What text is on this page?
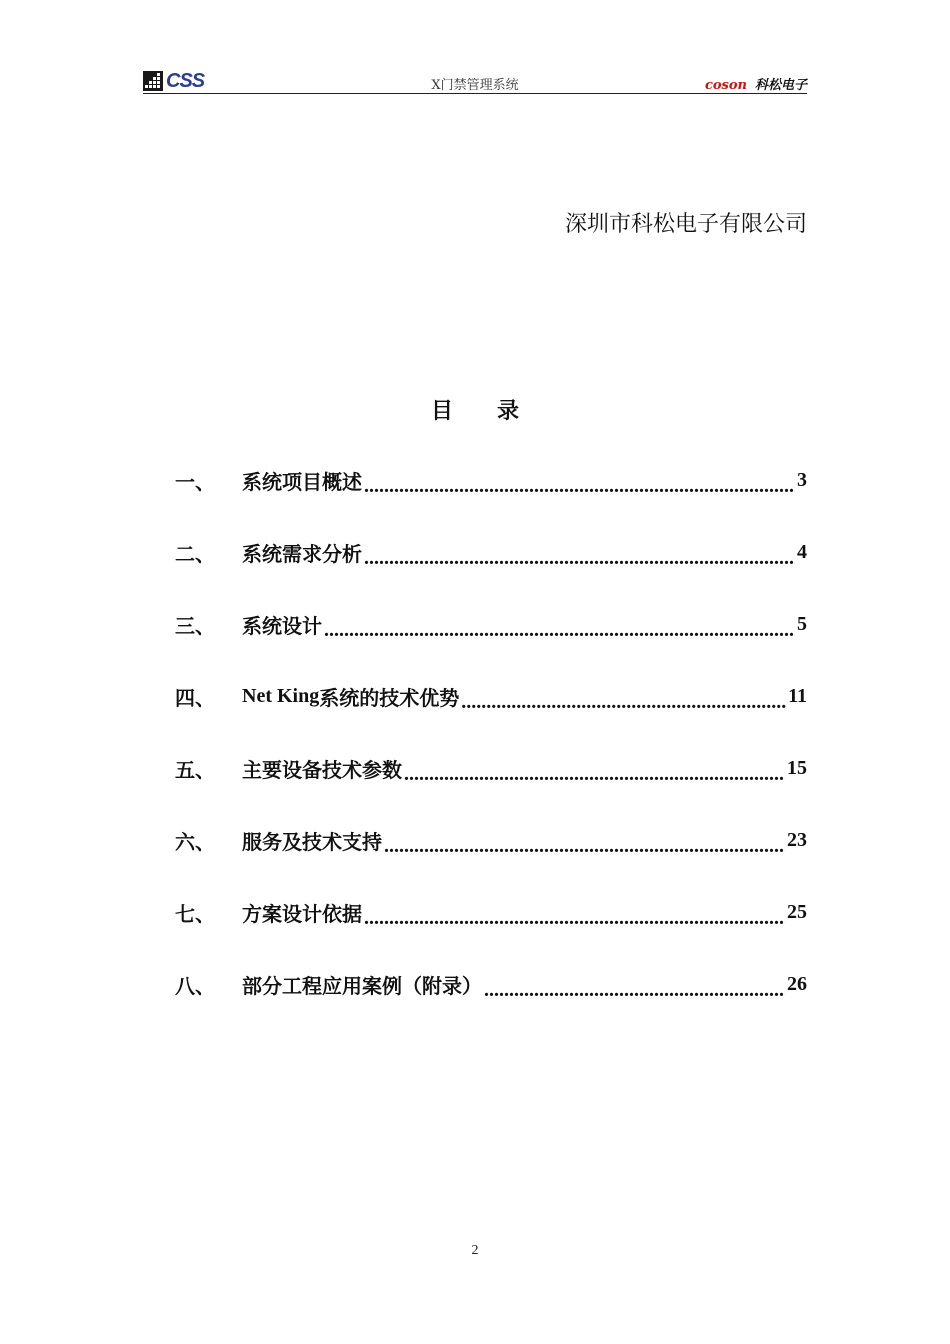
CSS	X门禁管理系统	coson 科松电子
深圳市科松电子有限公司
目 录
一、	系统项目概述 .....	3
二、	系统需求分析 .....	4
三、	系统设计 .....	5
四、	Net King 系统的技术优势 .....	11
五、	主要设备技术参数 .....	15
六、	服务及技术支持 .....	23
七、	方案设计依据 .....	25
八、	部分工程应用案例（附录） .....	26
2
